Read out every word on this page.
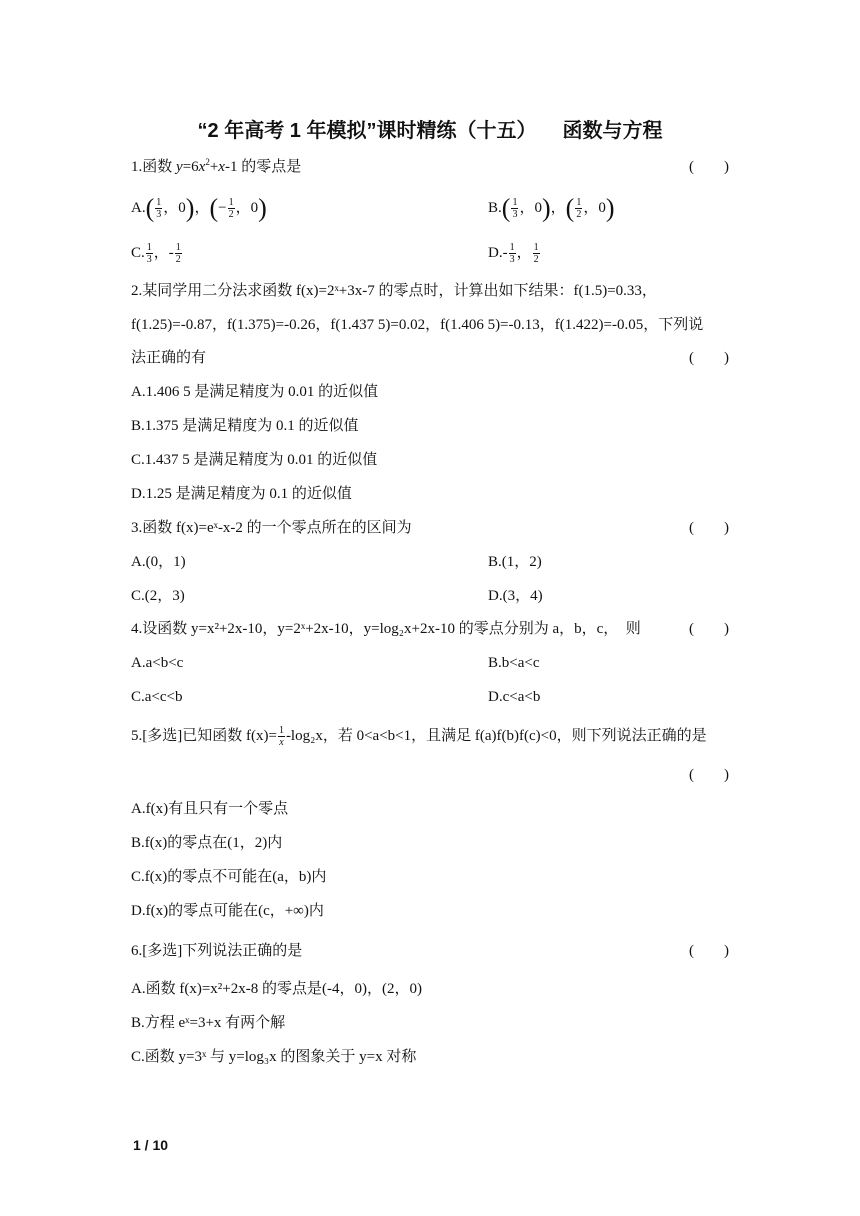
“2 年高考 1 年模拟”课时精练（十五） 函数与方程
1.函数 $y=6x^2+x-1$ 的零点是	(　　)
$A.( \frac{1}{3}$ ，0)，(− $\frac{1}{2}$ ，0)	$B.( \frac{1}{3}$ ，0)，( $\frac{1}{2}$ ，0)
C. $\frac{1}{3}$ ，- $\frac{1}{2}$	$D.- \frac{1}{3}$ ， $\frac{1}{2}$
2.某同学用二分法求函数 f(x)=2ˣ+3x-7 的零点时，计算出如下结果：f(1.5)=0.33，
f(1.25)=-0.87，f(1.375)=-0.26，f(1.437 5)=0.02，f(1.406 5)=-0.13，f(1.422)=-0.05，下列说
法正确的有	(　　)
A.1.406 5 是满足精度为 0.01 的近似值
B.1.375 是满足精度为 0.1 的近似值
C.1.437 5 是满足精度为 0.01 的近似值
D.1.25 是满足精度为 0.1 的近似值
3.函数 f(x)=eˣ-x-2 的一个零点所在的区间为	(　　)
A.(0，1)	B.(1，2)
C.(2，3)	D.(3，4)
4.设函数 y=x²+2x-10，y=2ˣ+2x-10，y=log₂x+2x-10 的零点分别为 a，b，c，　则	(　　)
A.a<b<c	B.b<a<c
C.a<c<b	D.c<a<b
5.[多选]已知函数 $f(x)= \frac{1}{x} -\log_2x$，若 0<a<b<1，且满足 f(a)f(b)f(c)<0，则下列说法正确的是
(　　)
A.f(x)有且只有一个零点
B.f(x)的零点在(1，2)内
C.f(x)的零点不可能在(a，b)内
D.f(x)的零点可能在(c，+∞)内
6.[多选]下列说法正确的是	(　　)
A.函数 f(x)=x²+2x-8 的零点是(-4，0)，(2，0)
B.方程 eˣ=3+x 有两个解
C.函数 y=3ˣ 与 y=log₃x 的图象关于 y=x 对称
1 / 10
